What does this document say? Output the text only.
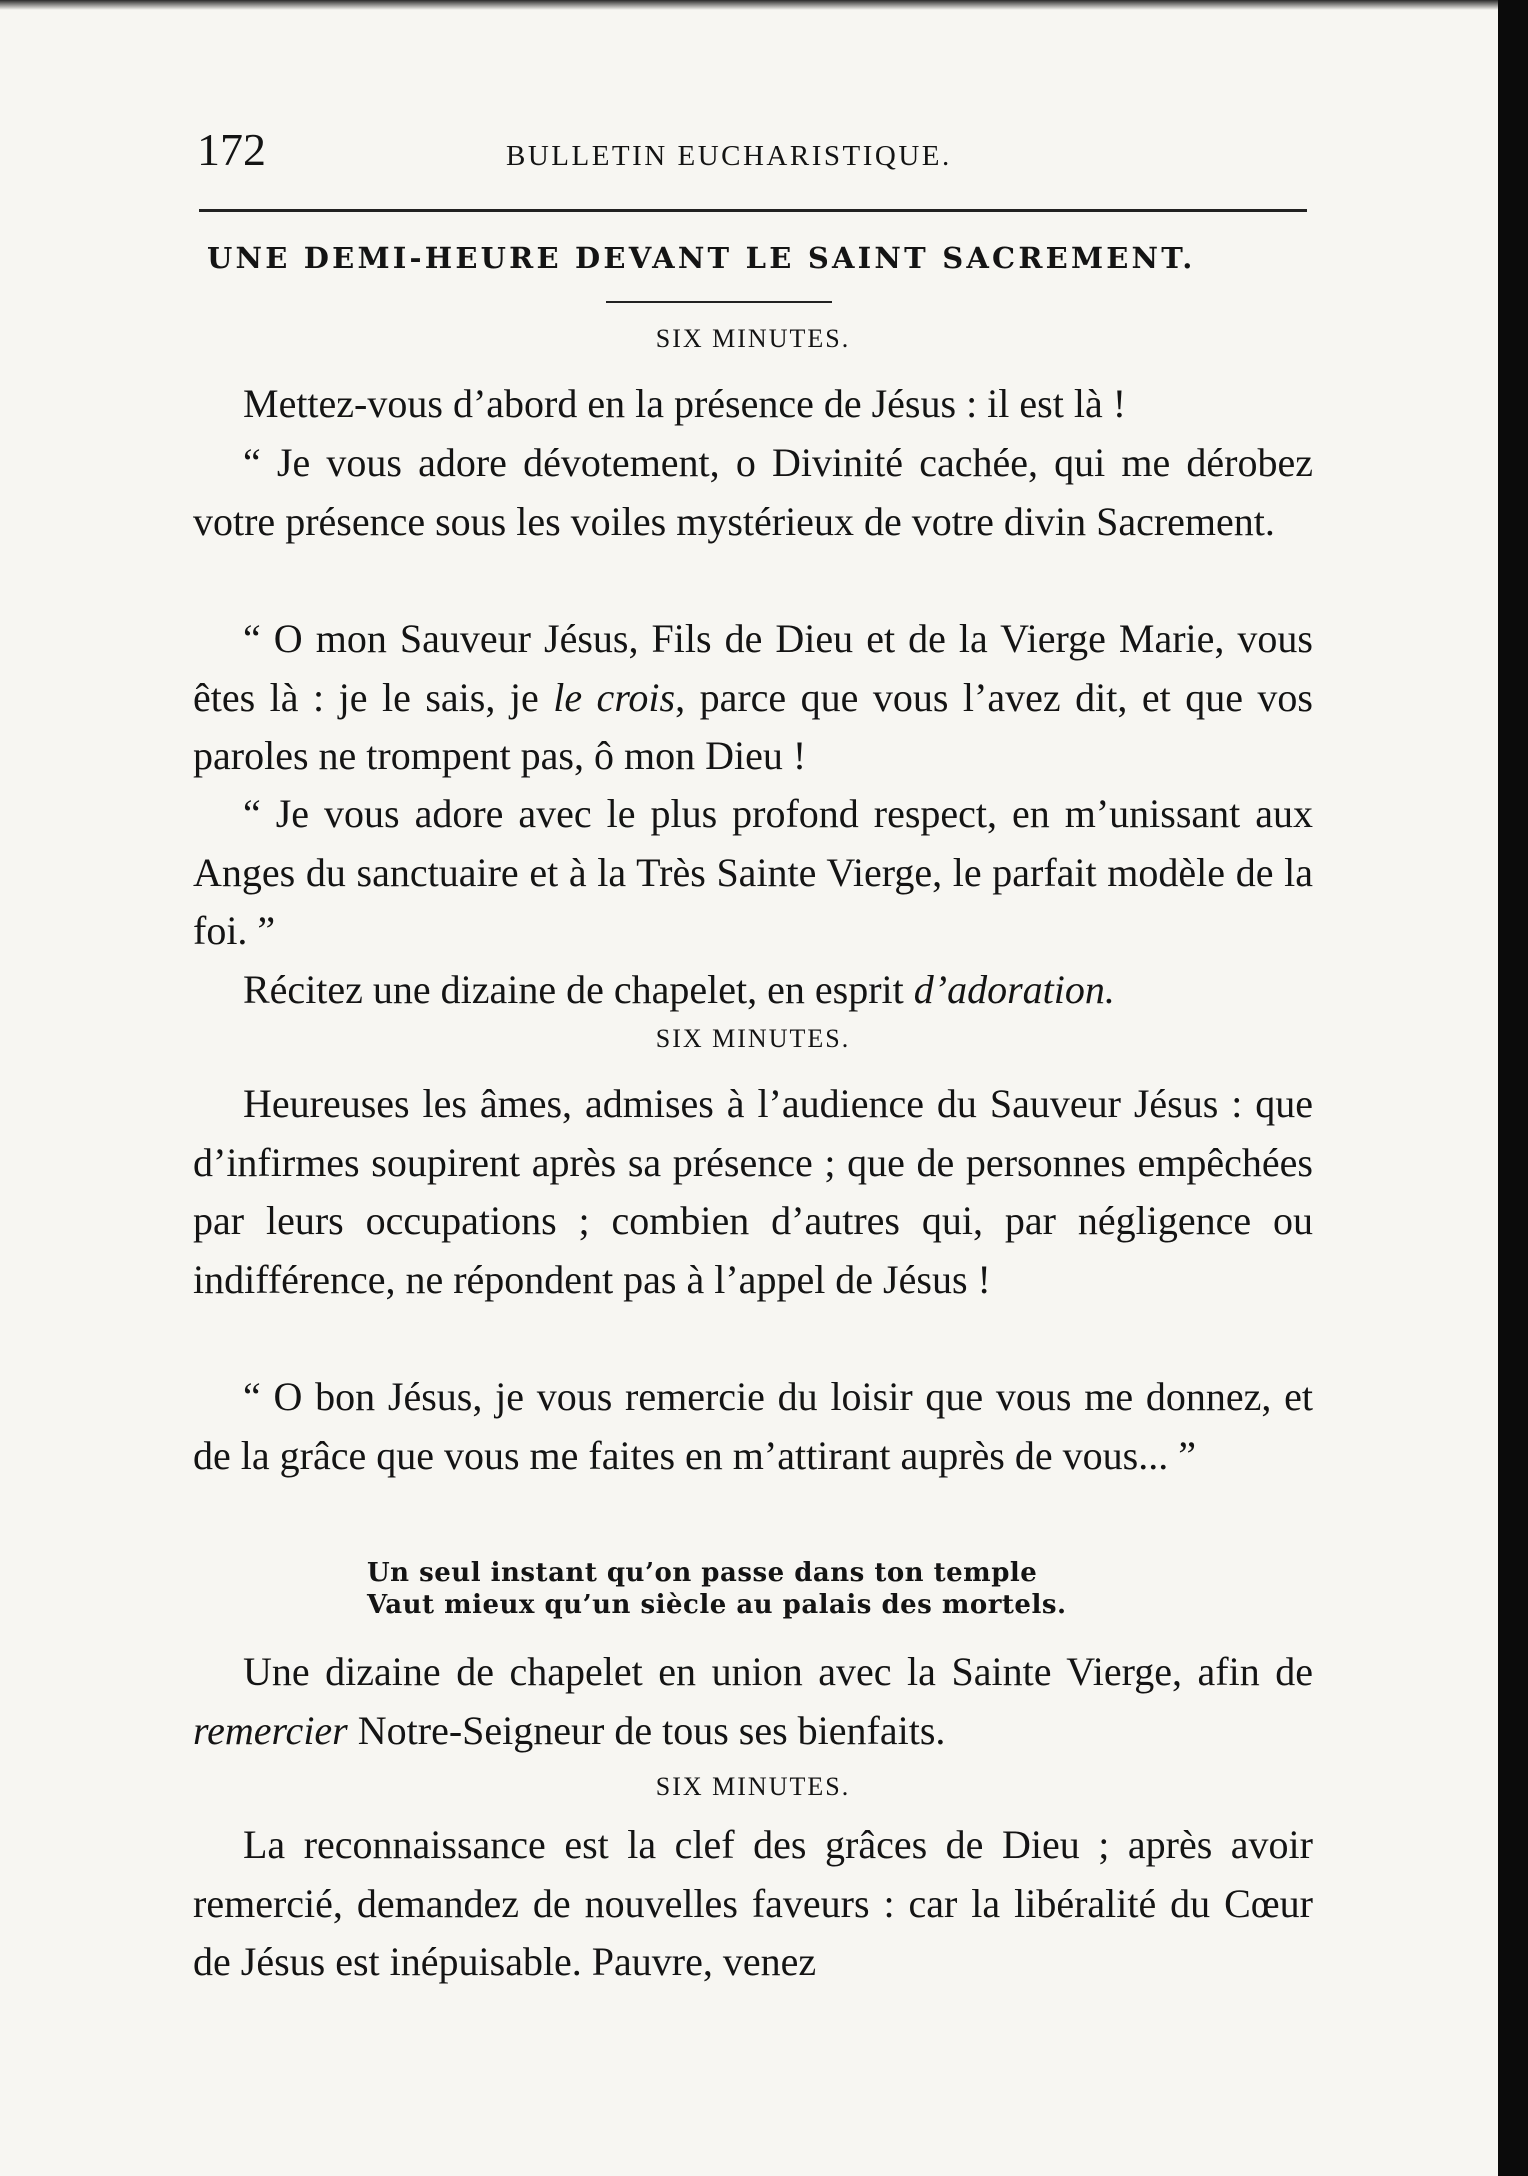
172	BULLETIN EUCHARISTIQUE.
UNE DEMI-HEURE DEVANT LE SAINT SACREMENT.
SIX MINUTES.
Mettez-vous d’abord en la présence de Jésus : il est là !
“ Je vous adore dévotement, o Divinité cachée, qui me dérobez votre présence sous les voiles mystérieux de votre divin Sacrement.
“ O mon Sauveur Jésus, Fils de Dieu et de la Vierge Marie, vous êtes là : je le sais, je le crois, parce que vous l’avez dit, et que vos paroles ne trompent pas, ô mon Dieu !
“ Je vous adore avec le plus profond respect, en m’unissant aux Anges du sanctuaire et à la Très Sainte Vierge, le parfait modèle de la foi. ”
Récitez une dizaine de chapelet, en esprit d’adoration.
SIX MINUTES.
Heureuses les âmes, admises à l’audience du Sauveur Jésus : que d’infirmes soupirent après sa présence ; que de personnes empêchées par leurs occupations ; combien d’autres qui, par négligence ou indifférence, ne répondent pas à l’appel de Jésus !
“ O bon Jésus, je vous remercie du loisir que vous me donnez, et de la grâce que vous me faites en m’attirant auprès de vous... ”
Un seul instant qu’on passe dans ton temple
Vaut mieux qu’un siècle au palais des mortels.
Une dizaine de chapelet en union avec la Sainte Vierge, afin de remercier Notre-Seigneur de tous ses bienfaits.
SIX MINUTES.
La reconnaissance est la clef des grâces de Dieu ; après avoir remercié, demandez de nouvelles faveurs : car la libéralité du Cœur de Jésus est inépuisable. Pauvre, venez
